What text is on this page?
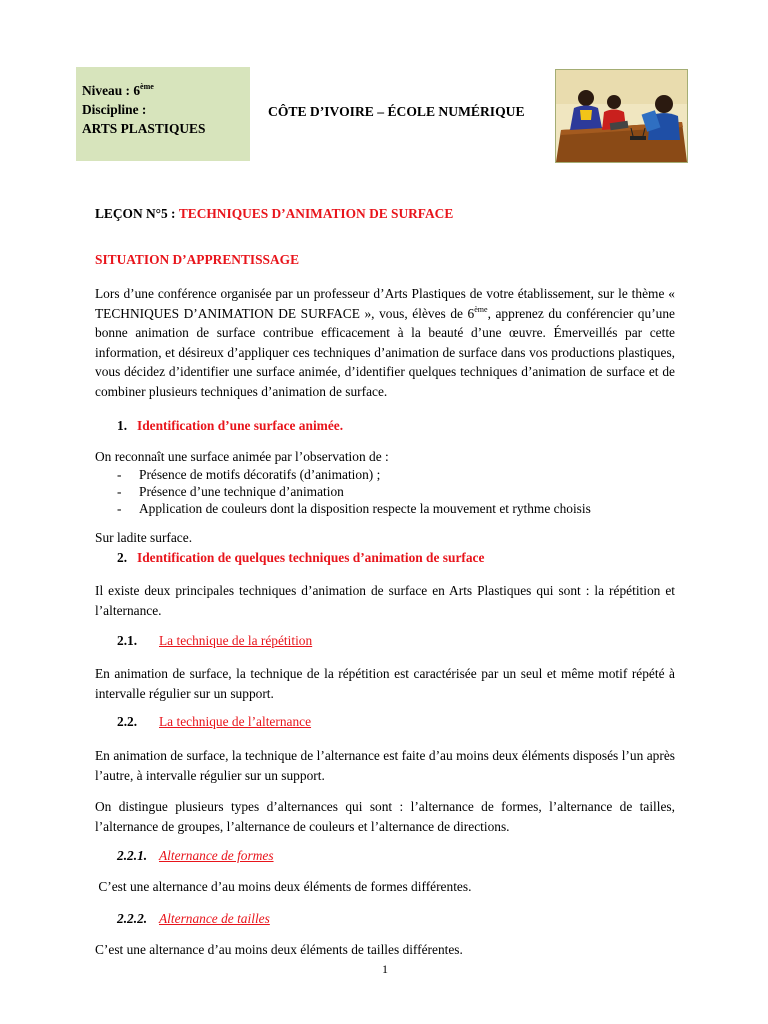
Niveau : 6ème
Discipline :
ARTS PLASTIQUES
CÔTE D’IVOIRE – ÉCOLE NUMÉRIQUE
LEÇON N°5 : TECHNIQUES D’ANIMATION DE SURFACE
SITUATION D’APPRENTISSAGE

Lors d’une conférence organisée par un professeur d’Arts Plastiques de votre établissement, sur le thème « TECHNIQUES D’ANIMATION DE SURFACE », vous, élèves de 6ème, apprenez du conférencier qu’une bonne animation de surface contribue efficacement à la beauté d’une œuvre. Émerveillés par cette information, et désireux d’appliquer ces techniques d’animation de surface dans vos productions plastiques, vous décidez d’identifier une surface animée, d’identifier quelques techniques d’animation de surface et de combiner plusieurs techniques d’animation de surface.

1. Identification d’une surface animée.
On reconnaît une surface animée par l’observation de :
- Présence de motifs décoratifs (d’animation) ;
- Présence d’une technique d’animation
- Application de couleurs dont la disposition respecte la mouvement et rythme choisis
Sur ladite surface.
2. Identification de quelques techniques d’animation de surface

Il existe deux principales techniques d’animation de surface en Arts Plastiques qui sont : la répétition et l’alternance.

2.1. La technique de la répétition

En animation de surface, la technique de la répétition est caractérisée par un seul et même motif répété à intervalle régulier sur un support.

2.2. La technique de l’alternance

En animation de surface, la technique de l’alternance est faite d’au moins deux éléments disposés l’un après l’autre, à intervalle régulier sur un support.

On distingue plusieurs types d’alternances qui sont : l’alternance de formes, l’alternance de tailles, l’alternance de groupes, l’alternance de couleurs et l’alternance de directions.

2.2.1. Alternance de formes
C’est une alternance d’au moins deux éléments de formes différentes.
2.2.2. Alternance de tailles
C’est une alternance d’au moins deux éléments de tailles différentes.
1
